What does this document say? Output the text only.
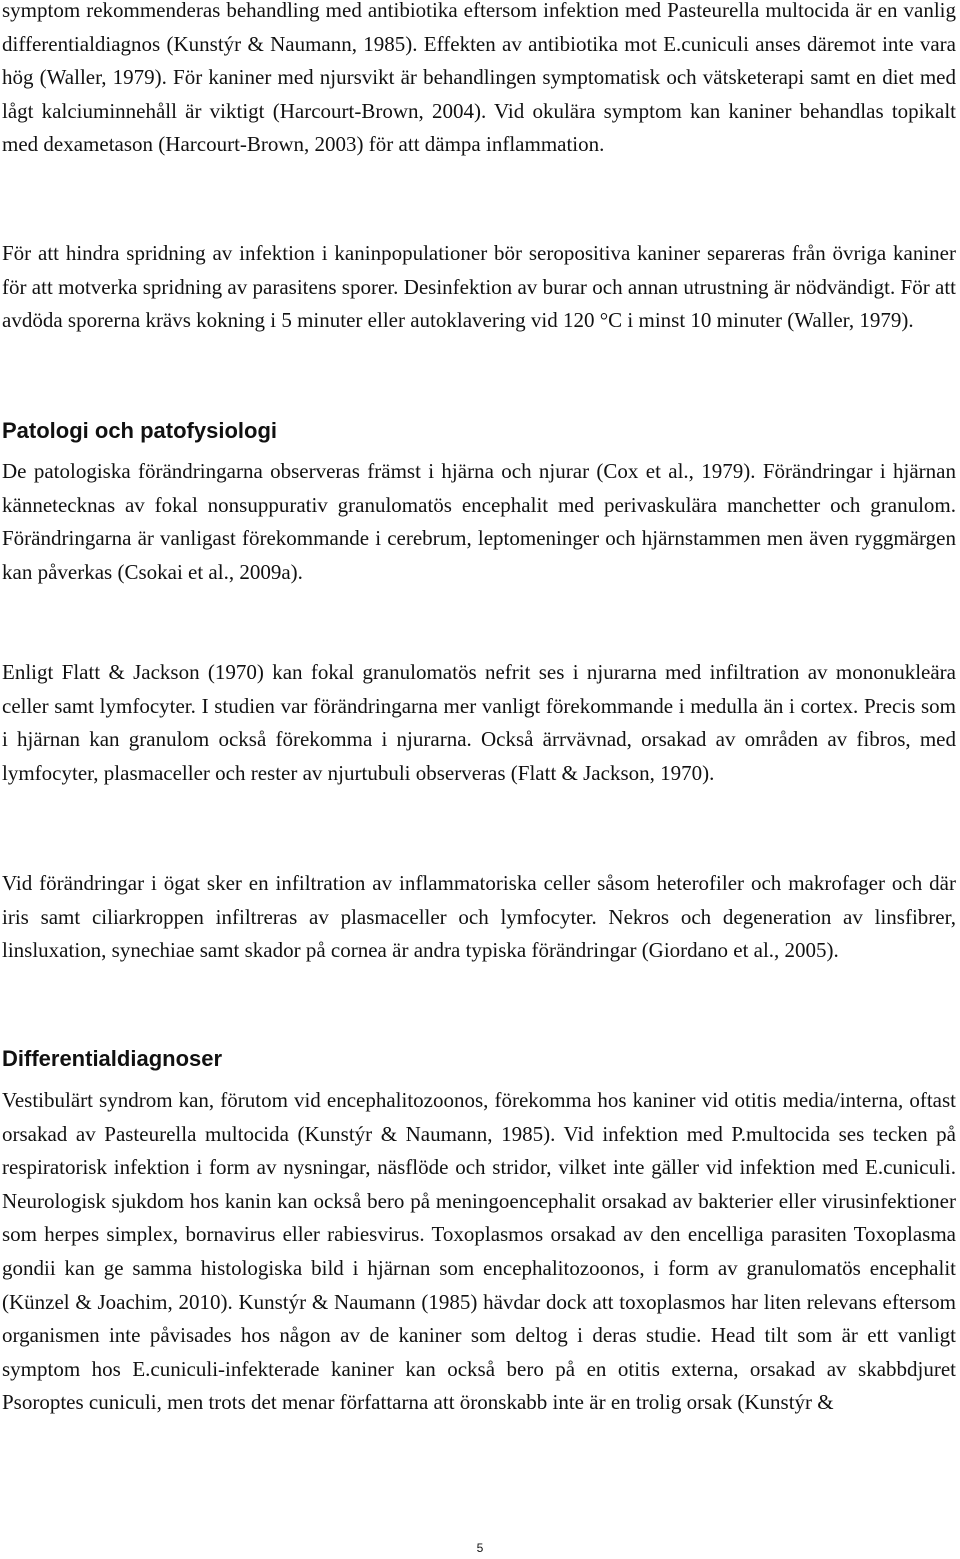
symptom rekommenderas behandling med antibiotika eftersom infektion med Pasteurella multocida är en vanlig differentialdiagnos (Kunstýr & Naumann, 1985). Effekten av antibiotika mot E.cuniculi anses däremot inte vara hög (Waller, 1979). För kaniner med njursvikt är behandlingen symptomatisk och vätsketerapi samt en diet med lågt kalciuminnehåll är viktigt (Harcourt-Brown, 2004). Vid okulära symptom kan kaniner behandlas topikalt med dexametason (Harcourt-Brown, 2003) för att dämpa inflammation.

För att hindra spridning av infektion i kaninpopulationer bör seropositiva kaniner separeras från övriga kaniner för att motverka spridning av parasitens sporer. Desinfektion av burar och annan utrustning är nödvändigt. För att avdöda sporerna krävs kokning i 5 minuter eller autoklavering vid 120 °C i minst 10 minuter (Waller, 1979).

Patologi och patofysiologi

De patologiska förändringarna observeras främst i hjärna och njurar (Cox et al., 1979). Förändringar i hjärnan kännetecknas av fokal nonsuppurativ granulomatös encephalit med perivaskulära manchetter och granulom. Förändringarna är vanligast förekommande i cerebrum, leptomeninger och hjärnstammen men även ryggmärgen kan påverkas (Csokai et al., 2009a).

Enligt Flatt & Jackson (1970) kan fokal granulomatös nefrit ses i njurarna med infiltration av mononukleära celler samt lymfocyter. I studien var förändringarna mer vanligt förekommande i medulla än i cortex. Precis som i hjärnan kan granulom också förekomma i njurarna. Också ärrvävnad, orsakad av områden av fibros, med lymfocyter, plasmaceller och rester av njurtubuli observeras (Flatt & Jackson, 1970).

Vid förändringar i ögat sker en infiltration av inflammatoriska celler såsom heterofiler och makrofager och där iris samt ciliarkroppen infiltreras av plasmaceller och lymfocyter. Nekros och degeneration av linsfibrer, linsluxation, synechiae samt skador på cornea är andra typiska förändringar (Giordano et al., 2005).

Differentialdiagnoser

Vestibulärt syndrom kan, förutom vid encephalitozoonos, förekomma hos kaniner vid otitis media/interna, oftast orsakad av Pasteurella multocida (Kunstýr & Naumann, 1985). Vid infektion med P.multocida ses tecken på respiratorisk infektion i form av nysningar, näsflöde och stridor, vilket inte gäller vid infektion med E.cuniculi. Neurologisk sjukdom hos kanin kan också bero på meningoencephalit orsakad av bakterier eller virusinfektioner som herpes simplex, bornavirus eller rabiesvirus. Toxoplasmos orsakad av den encelliga parasiten Toxoplasma gondii kan ge samma histologiska bild i hjärnan som encephalitozoonos, i form av granulomatös encephalit (Künzel & Joachim, 2010). Kunstýr & Naumann (1985) hävdar dock att toxoplasmos har liten relevans eftersom organismen inte påvisades hos någon av de kaniner som deltog i deras studie. Head tilt som är ett vanligt symptom hos E.cuniculi-infekterade kaniner kan också bero på en otitis externa, orsakad av skabbdjuret Psoroptes cuniculi, men trots det menar författarna att öronskabb inte är en trolig orsak (Kunstýr &

5
